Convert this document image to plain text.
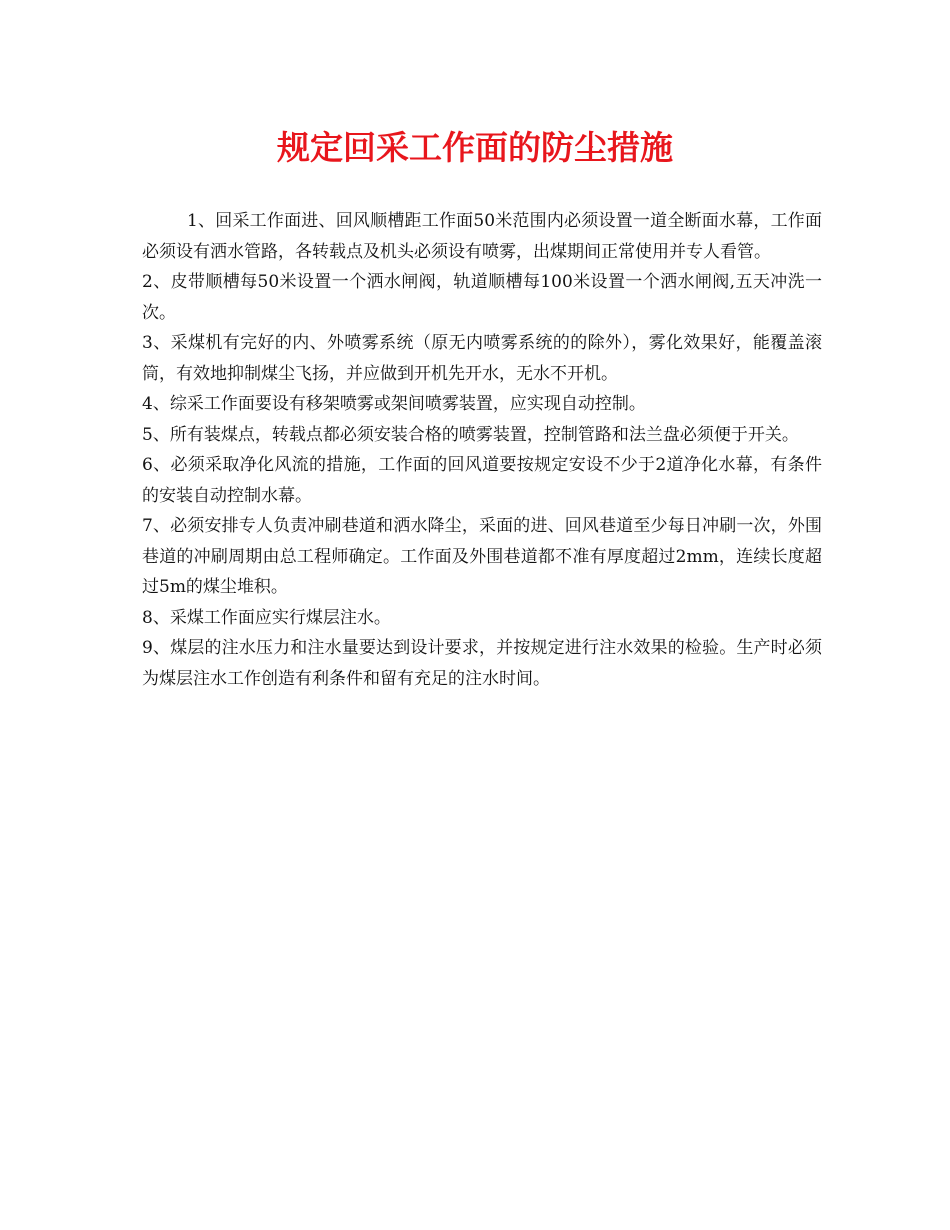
规定回采工作面的防尘措施

1、回采工作面进、回风顺槽距工作面50米范围内必须设置一道全断面水幕，工作面必须设有洒水管路，各转载点及机头必须设有喷雾，出煤期间正常使用并专人看管。

2、皮带顺槽每50米设置一个洒水闸阀，轨道顺槽每100米设置一个洒水闸阀,五天冲洗一次。

3、采煤机有完好的内、外喷雾系统（原无内喷雾系统的的除外），雾化效果好，能覆盖滚筒，有效地抑制煤尘飞扬，并应做到开机先开水，无水不开机。

4、综采工作面要设有移架喷雾或架间喷雾装置，应实现自动控制。

5、所有装煤点，转载点都必须安装合格的喷雾装置，控制管路和法兰盘必须便于开关。

6、必须采取净化风流的措施，工作面的回风道要按规定安设不少于2道净化水幕，有条件的安装自动控制水幕。

7、必须安排专人负责冲刷巷道和洒水降尘，采面的进、回风巷道至少每日冲刷一次，外围巷道的冲刷周期由总工程师确定。工作面及外围巷道都不准有厚度超过2mm，连续长度超过5m的煤尘堆积。

8、采煤工作面应实行煤层注水。

9、煤层的注水压力和注水量要达到设计要求，并按规定进行注水效果的检验。生产时必须为煤层注水工作创造有利条件和留有充足的注水时间。
